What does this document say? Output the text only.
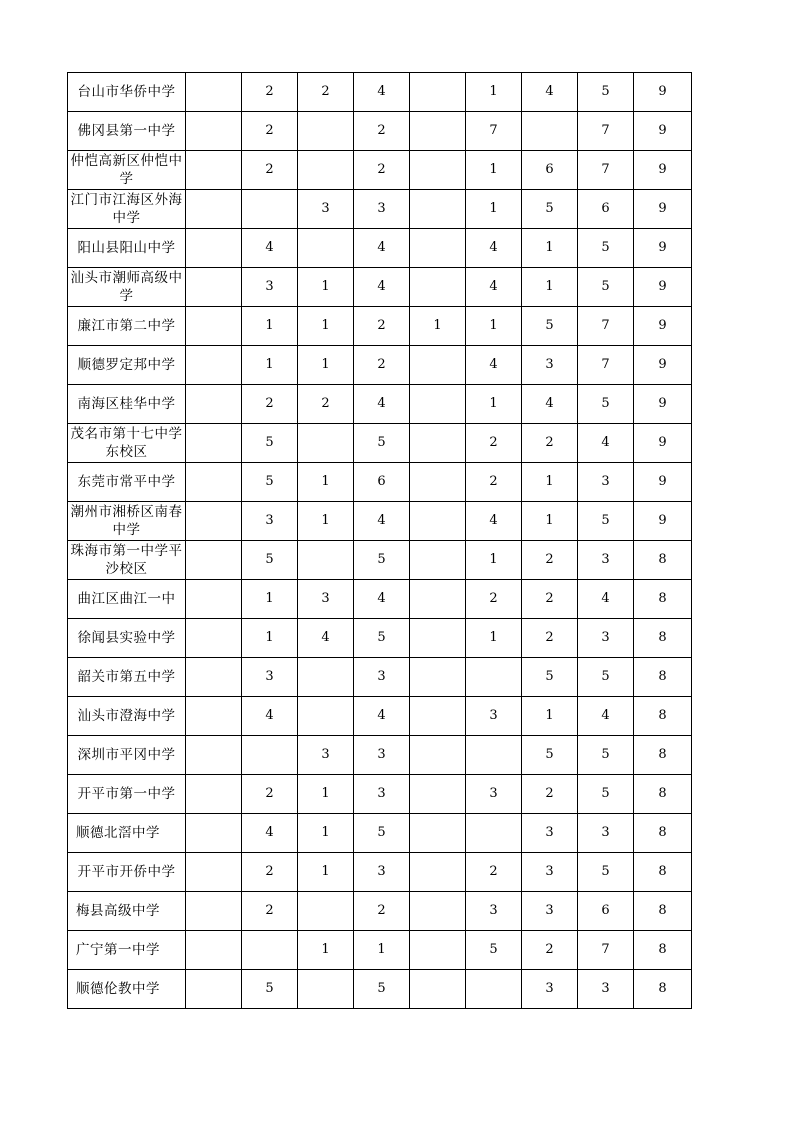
台山市华侨中学		2	2	4		1	4	5	9
佛冈县第一中学		2		2		7		7	9
仲恺高新区仲恺中学		2		2		1	6	7	9
江门市江海区外海中学			3	3		1	5	6	9
阳山县阳山中学		4		4		4	1	5	9
汕头市潮师高级中学		3	1	4		4	1	5	9
廉江市第二中学		1	1	2	1	1	5	7	9
顺德罗定邦中学		1	1	2		4	3	7	9
南海区桂华中学		2	2	4		1	4	5	9
茂名市第十七中学东校区		5		5		2	2	4	9
东莞市常平中学		5	1	6		2	1	3	9
潮州市湘桥区南春中学		3	1	4		4	1	5	9
珠海市第一中学平沙校区		5		5		1	2	3	8
曲江区曲江一中		1	3	4		2	2	4	8
徐闻县实验中学		1	4	5		1	2	3	8
韶关市第五中学		3		3			5	5	8
汕头市澄海中学		4		4		3	1	4	8
深圳市平冈中学			3	3			5	5	8
开平市第一中学		2	1	3		3	2	5	8
顺德北滘中学		4	1	5			3	3	8
开平市开侨中学		2	1	3		2	3	5	8
梅县高级中学		2		2		3	3	6	8
广宁第一中学			1	1		5	2	7	8
顺德伦教中学		5		5			3	3	8
